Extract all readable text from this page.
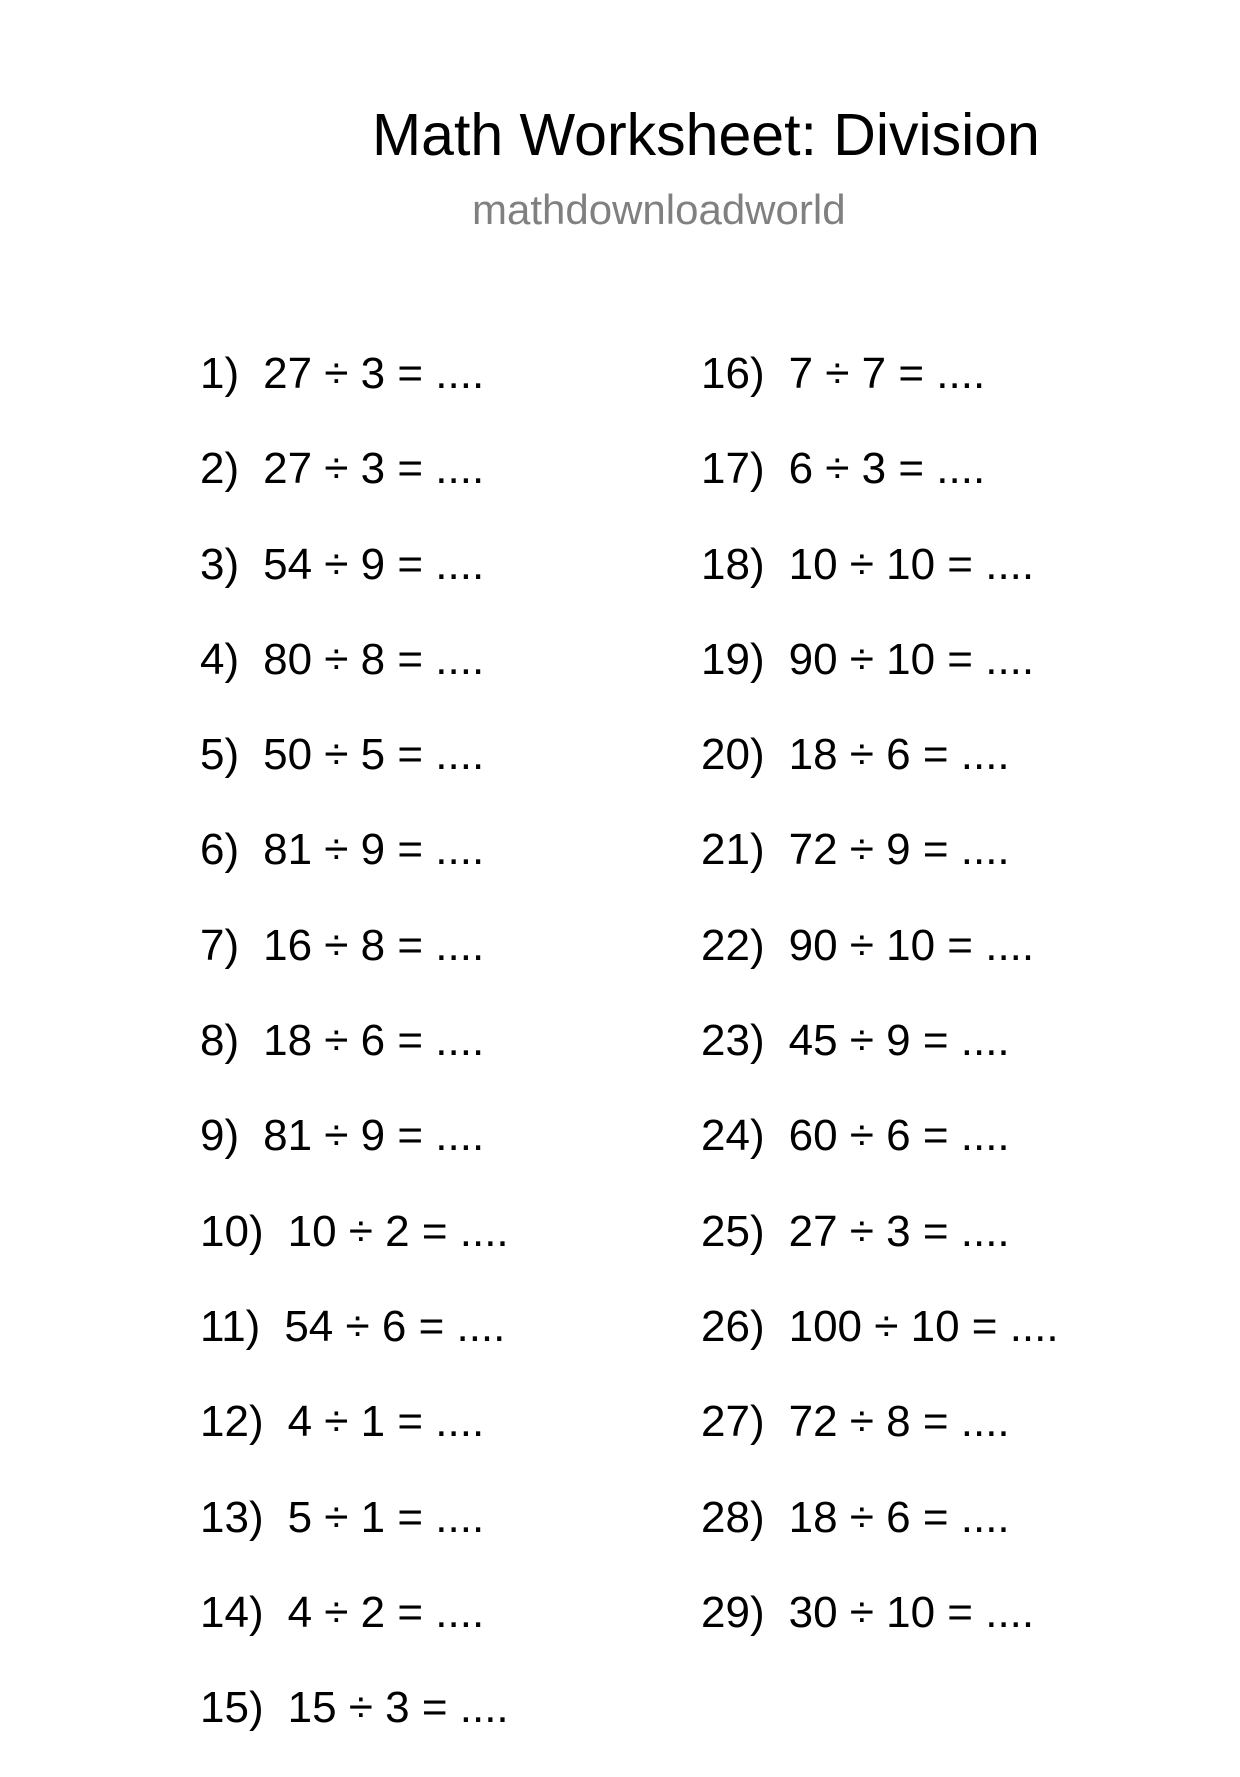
Math Worksheet: Division

mathdownloadworld

1) 27 ÷ 3 = ....
2) 27 ÷ 3 = ....
3) 54 ÷ 9 = ....
4) 80 ÷ 8 = ....
5) 50 ÷ 5 = ....
6) 81 ÷ 9 = ....
7) 16 ÷ 8 = ....
8) 18 ÷ 6 = ....
9) 81 ÷ 9 = ....
10) 10 ÷ 2 = ....
11) 54 ÷ 6 = ....
12) 4 ÷ 1 = ....
13) 5 ÷ 1 = ....
14) 4 ÷ 2 = ....
15) 15 ÷ 3 = ....
16) 7 ÷ 7 = ....
17) 6 ÷ 3 = ....
18) 10 ÷ 10 = ....
19) 90 ÷ 10 = ....
20) 18 ÷ 6 = ....
21) 72 ÷ 9 = ....
22) 90 ÷ 10 = ....
23) 45 ÷ 9 = ....
24) 60 ÷ 6 = ....
25) 27 ÷ 3 = ....
26) 100 ÷ 10 = ....
27) 72 ÷ 8 = ....
28) 18 ÷ 6 = ....
29) 30 ÷ 10 = ....
